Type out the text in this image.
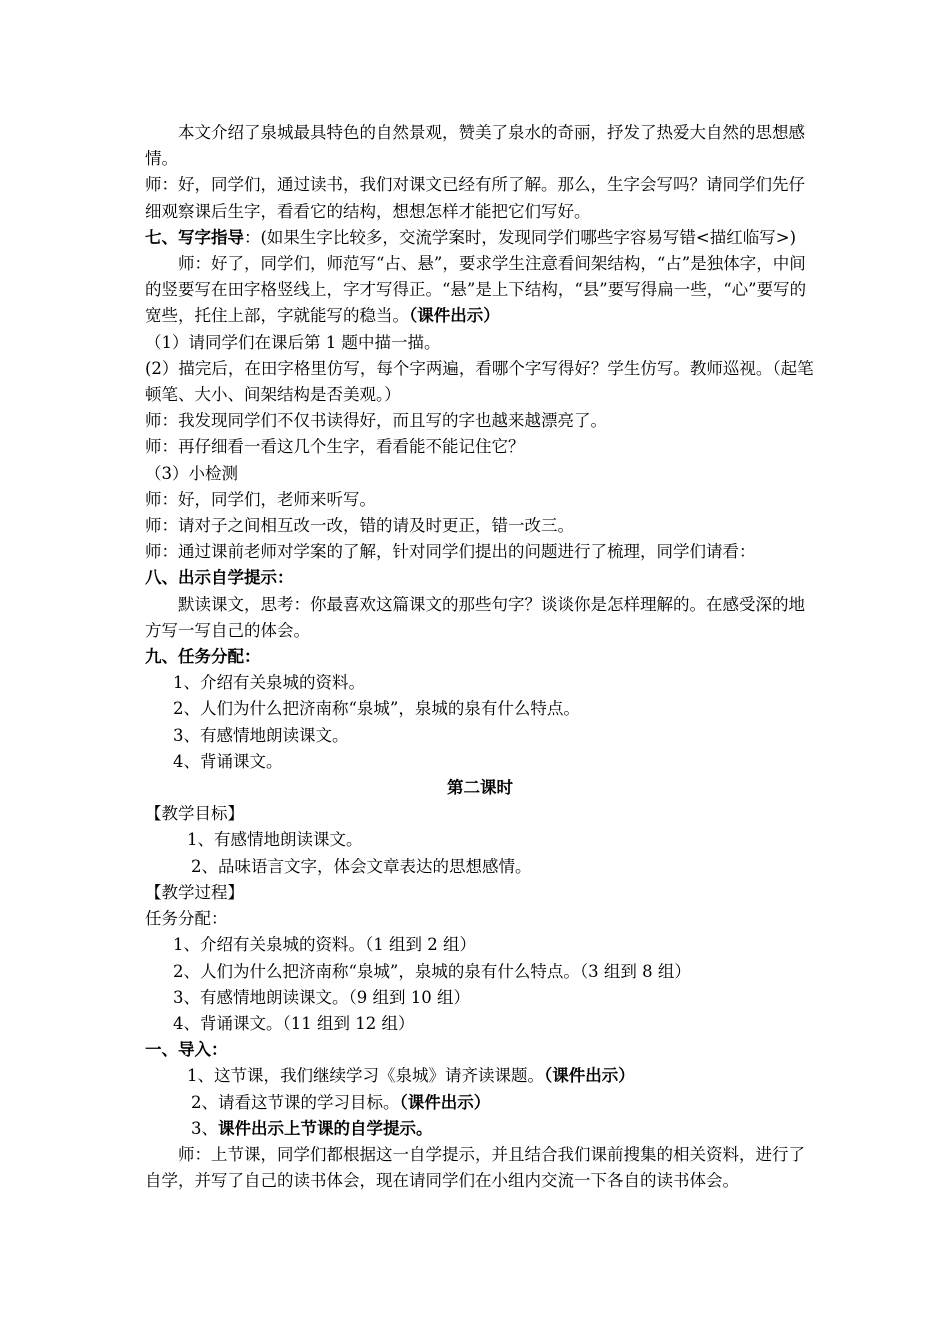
本文介绍了泉城最具特色的自然景观，赞美了泉水的奇丽，抒发了热爱大自然的思想感情。

师：好，同学们，通过读书，我们对课文已经有所了解。那么，生字会写吗？请同学们先仔细观察课后生字，看看它的结构，想想怎样才能把它们写好。

七、写字指导：(如果生字比较多，交流学案时，发现同学们哪些字容易写错<描红临写>)

师：好了，同学们，师范写“占、悬”，要求学生注意看间架结构，“占”是独体字，中间的竖要写在田字格竖线上，字才写得正。“悬”是上下结构，“县”要写得扁一些，“心”要写的宽些，托住上部，字就能写的稳当。（课件出示）

（1）请同学们在课后第 1 题中描一描。

(2）描完后，在田字格里仿写，每个字两遍，看哪个字写得好？学生仿写。教师巡视。（起笔  顿笔、大小、间架结构是否美观。）

师：我发现同学们不仅书读得好，而且写的字也越来越漂亮了。

师：再仔细看一看这几个生字，看看能不能记住它？

（3）小检测

师：好，同学们，老师来听写。

师：请对子之间相互改一改，错的请及时更正，错一改三。

师：通过课前老师对学案的了解，针对同学们提出的问题进行了梳理，同学们请看：

八、出示自学提示：

默读课文，思考：你最喜欢这篇课文的那些句字？谈谈你是怎样理解的。在感受深的地方写一写自己的体会。

九、任务分配：

1、介绍有关泉城的资料。

2、人们为什么把济南称“泉城”，泉城的泉有什么特点。

3、有感情地朗读课文。

4、背诵课文。

第二课时

【教学目标】

1、有感情地朗读课文。

2、品味语言文字，体会文章表达的思想感情。

【教学过程】

任务分配：

1、介绍有关泉城的资料。（1 组到 2 组）

2、人们为什么把济南称“泉城”，泉城的泉有什么特点。（3 组到 8 组）

3、有感情地朗读课文。（9 组到 10 组）

4、背诵课文。（11 组到 12 组）

一、导入：

1、这节课，我们继续学习《泉城》请齐读课题。（课件出示）

2、请看这节课的学习目标。（课件出示）

3、课件出示上节课的自学提示。

师：上节课，同学们都根据这一自学提示，并且结合我们课前搜集的相关资料，进行了自学，并写了自己的读书体会，现在请同学们在小组内交流一下各自的读书体会。
